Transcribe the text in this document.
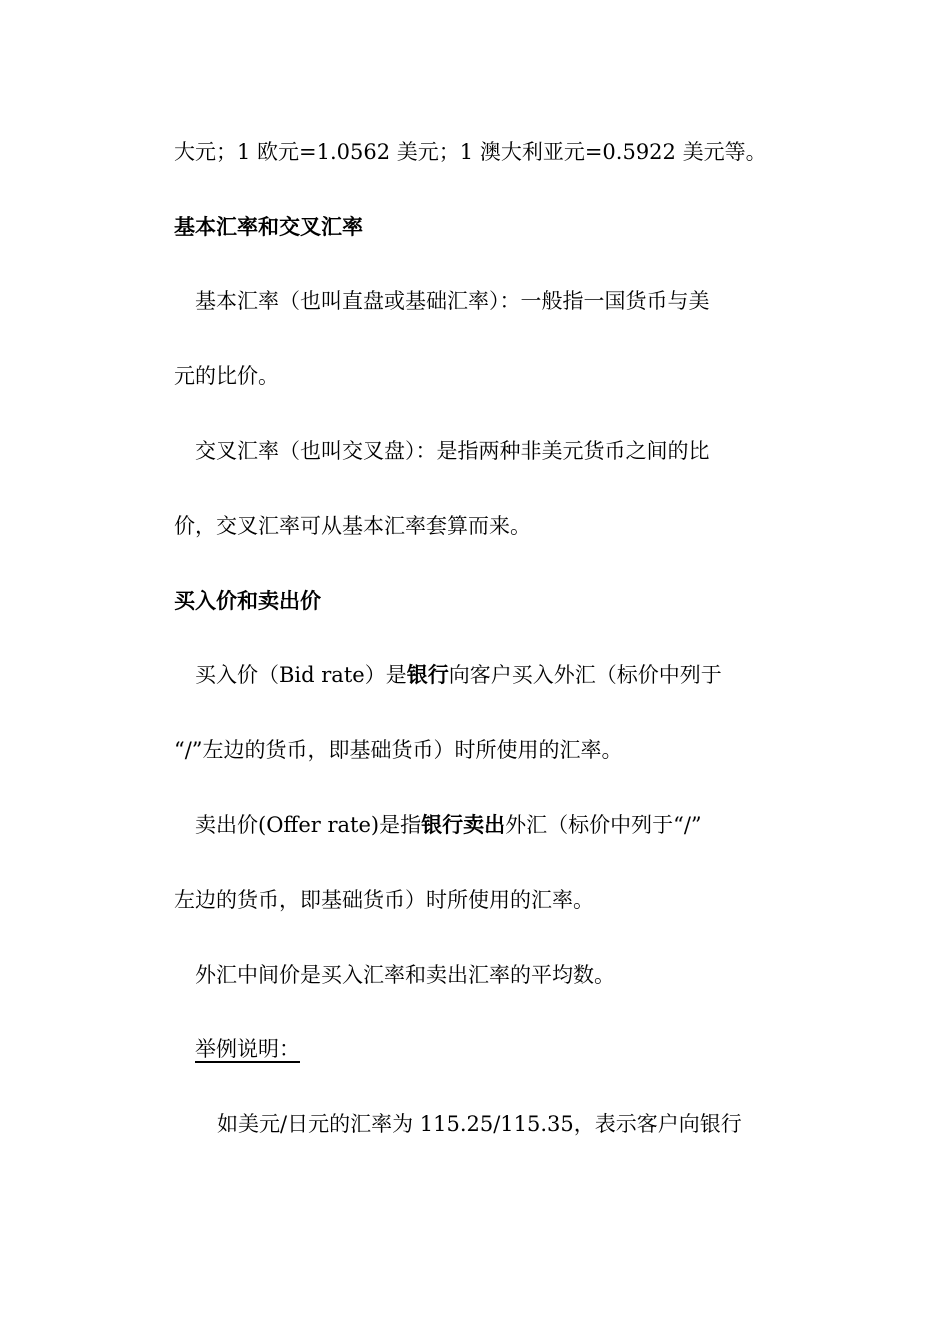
大元；1 欧元=1.0562 美元；1 澳大利亚元=0.5922 美元等。
基本汇率和交叉汇率
基本汇率（也叫直盘或基础汇率）：一般指一国货币与美
元的比价。
交叉汇率（也叫交叉盘）：是指两种非美元货币之间的比
价，交叉汇率可从基本汇率套算而来。
买入价和卖出价
买入价（Bid rate）是银行向客户买入外汇（标价中列于
“/”左边的货币，即基础货币）时所使用的汇率。
卖出价(Offer rate)是指银行卖出外汇（标价中列于“/”
左边的货币，即基础货币）时所使用的汇率。
外汇中间价是买入汇率和卖出汇率的平均数。
举例说明：
如美元/日元的汇率为 115.25/115.35，表示客户向银行
